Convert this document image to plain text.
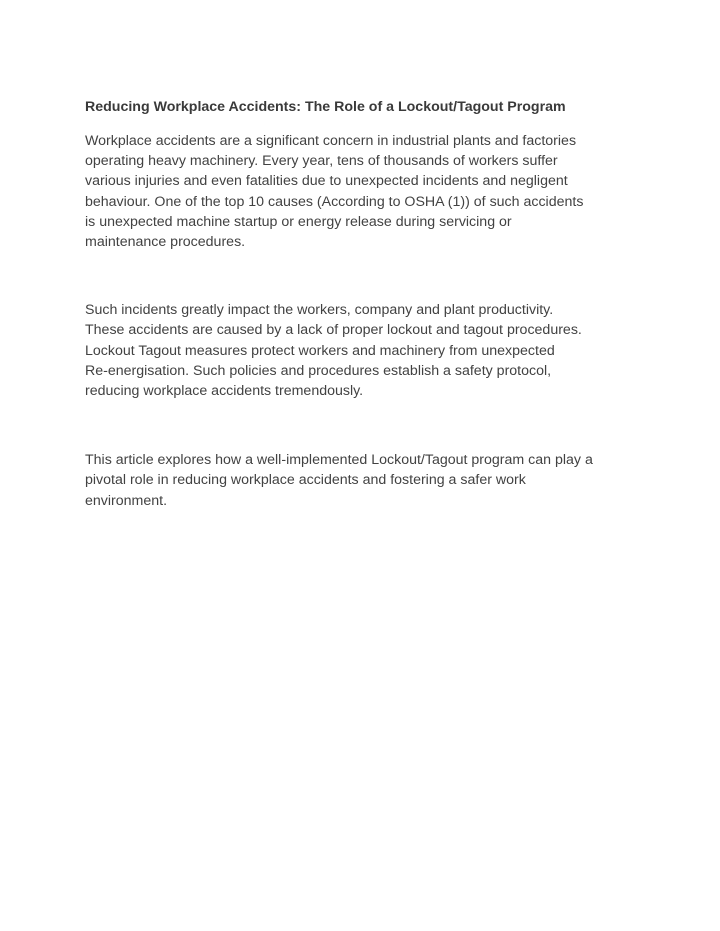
Reducing Workplace Accidents: The Role of a Lockout/Tagout Program

Workplace accidents are a significant concern in industrial plants and factories
operating heavy machinery. Every year, tens of thousands of workers suffer
various injuries and even fatalities due to unexpected incidents and negligent
behaviour. One of the top 10 causes (According to OSHA (1)) of such accidents
is unexpected machine startup or energy release during servicing or
maintenance procedures.

Such incidents greatly impact the workers, company and plant productivity.
These accidents are caused by a lack of proper lockout and tagout procedures.
Lockout Tagout measures protect workers and machinery from unexpected
Re-energisation. Such policies and procedures establish a safety protocol,
reducing workplace accidents tremendously.

This article explores how a well-implemented Lockout/Tagout program can play a
pivotal role in reducing workplace accidents and fostering a safer work
environment.
